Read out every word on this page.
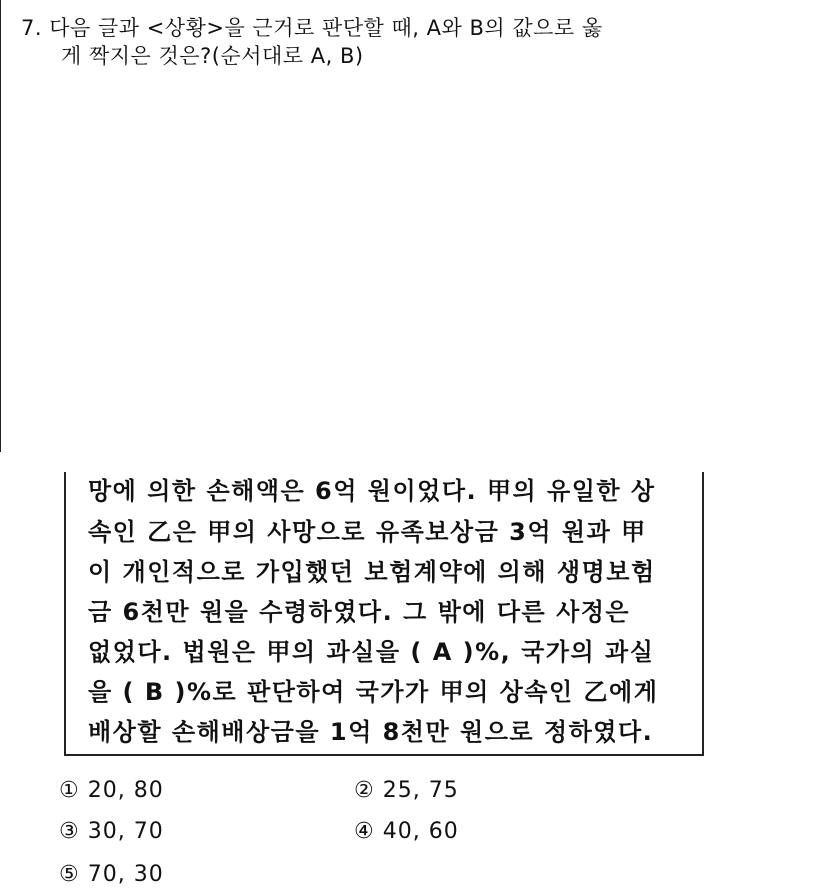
7. 다음 글과 <상황>을 근거로 판단할 때, A와 B의 값으로 옳
게 짝지은 것은?(순서대로 A, B)
망에 의한 손해액은 6억 원이었다. 甲의 유일한 상
속인 乙은 甲의 사망으로 유족보상금 3억 원과 甲
이 개인적으로 가입했던 보험계약에 의해 생명보험
금 6천만 원을 수령하였다. 그 밖에 다른 사정은
없었다. 법원은 甲의 과실을 ( A )%, 국가의 과실
을 ( B )%로 판단하여 국가가 甲의 상속인 乙에게
배상할 손해배상금을 1억 8천만 원으로 정하였다.
① 20, 80	② 25, 75
③ 30, 70	④ 40, 60
⑤ 70, 30
